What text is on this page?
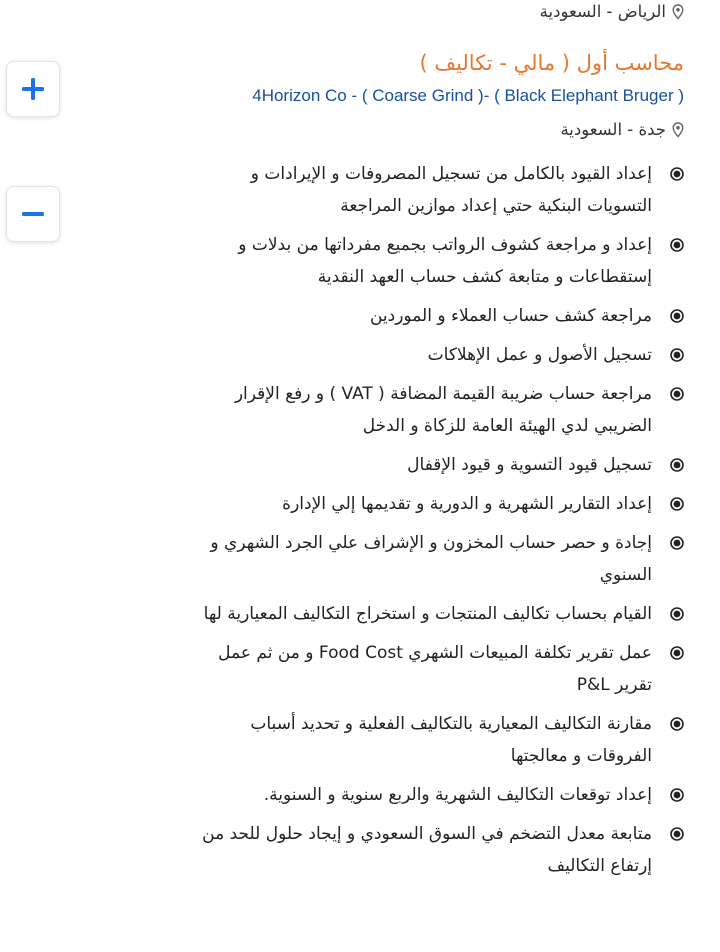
الرياض - السعودية
محاسب أول ( مالي - تكاليف )
4Horizon Co - ( Coarse Grind )- ( Black Elephant Bruger )
جدة - السعودية
إعداد القيود بالكامل من تسجيل المصروفات و الإيرادات و التسويات البنكية حتي إعداد موازين المراجعة
إعداد و مراجعة كشوف الرواتب بجميع مفرداتها من بدلات و إستقطاعات و متابعة كشف حساب العهد النقدية
مراجعة كشف حساب العملاء و الموردين
تسجيل الأصول و عمل الإهلاكات
مراجعة حساب ضريبة القيمة المضافة ( VAT ) و رفع الإقرار الضريبي لدي الهيئة العامة للزكاة و الدخل
تسجيل قيود التسوية و قيود الإقفال
إعداد التقارير الشهرية و الدورية و تقديمها إلي الإدارة
إجادة و حصر حساب المخزون و الإشراف علي الجرد الشهري و السنوي
القيام بحساب تكاليف المنتجات و استخراج التكاليف المعيارية لها
عمل تقرير تكلفة المبيعات الشهري Food Cost و من ثم عمل تقرير P&L
مقارنة التكاليف المعيارية بالتكاليف الفعلية و تحديد أسباب الفروقات و معالجتها
إعداد توقعات التكاليف الشهرية والربع سنوية و السنوية.
متابعة معدل التضخم في السوق السعودي و إيجاد حلول للحد من إرتفاع التكاليف
